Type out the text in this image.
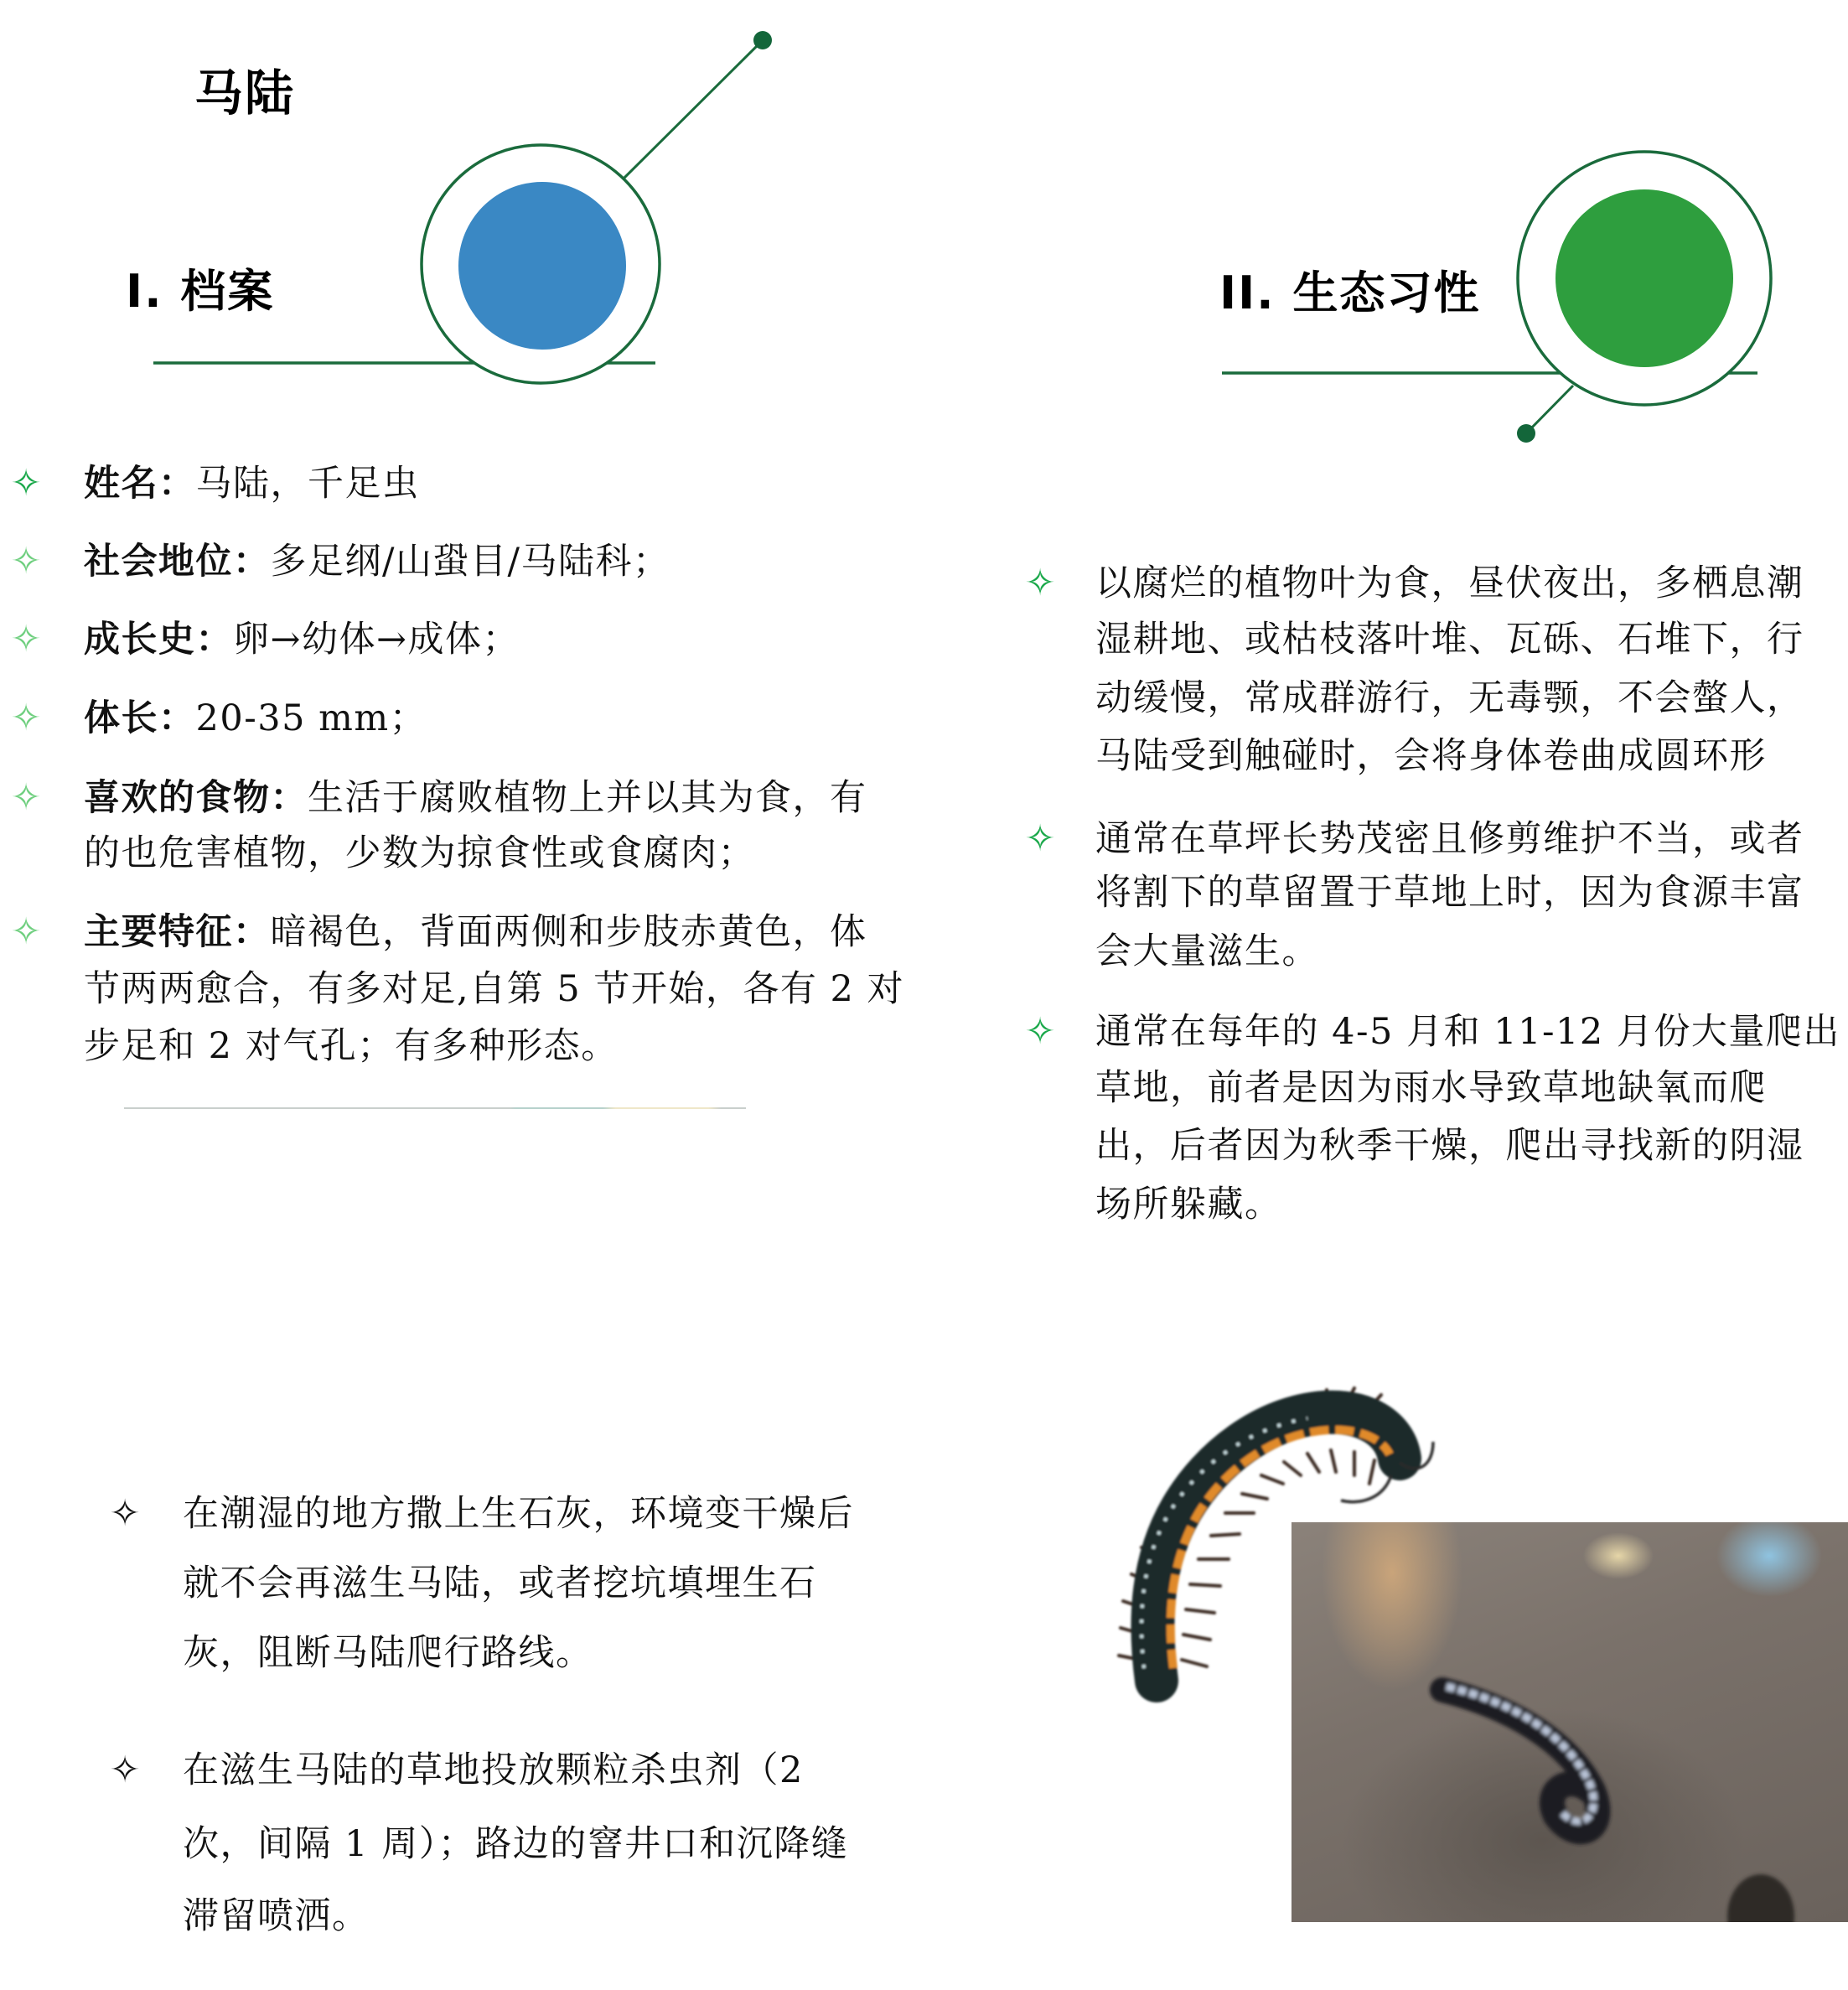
马陆
I. 档案	II. 生态习性
✧ 姓名：马陆，千足虫
✧ 社会地位：多足纲/山蛩目/马陆科；
✧ 成长史：卵→幼体→成体；
✧ 体长：20-35 mm；
✧ 喜欢的食物：生活于腐败植物上并以其为食，有
的也危害植物，少数为掠食性或食腐肉；
✧ 主要特征：暗褐色，背面两侧和步肢赤黄色，体
节两两愈合，有多对足,自第 5 节开始，各有 2 对
步足和 2 对气孔；有多种形态。
✧ 以腐烂的植物叶为食，昼伏夜出，多栖息潮
湿耕地、或枯枝落叶堆、瓦砾、石堆下，行
动缓慢，常成群游行，无毒颚，不会螫人，
马陆受到触碰时，会将身体卷曲成圆环形
✧ 通常在草坪长势茂密且修剪维护不当，或者
将割下的草留置于草地上时，因为食源丰富
会大量滋生。
✧ 通常在每年的 4-5 月和 11-12 月份大量爬出
草地，前者是因为雨水导致草地缺氧而爬
出，后者因为秋季干燥，爬出寻找新的阴湿
场所躲藏。
✧ 在潮湿的地方撒上生石灰，环境变干燥后
就不会再滋生马陆，或者挖坑填埋生石
灰，阻断马陆爬行路线。
✧ 在滋生马陆的草地投放颗粒杀虫剂（2
次，间隔 1 周）；路边的窨井口和沉降缝
滞留喷洒。
